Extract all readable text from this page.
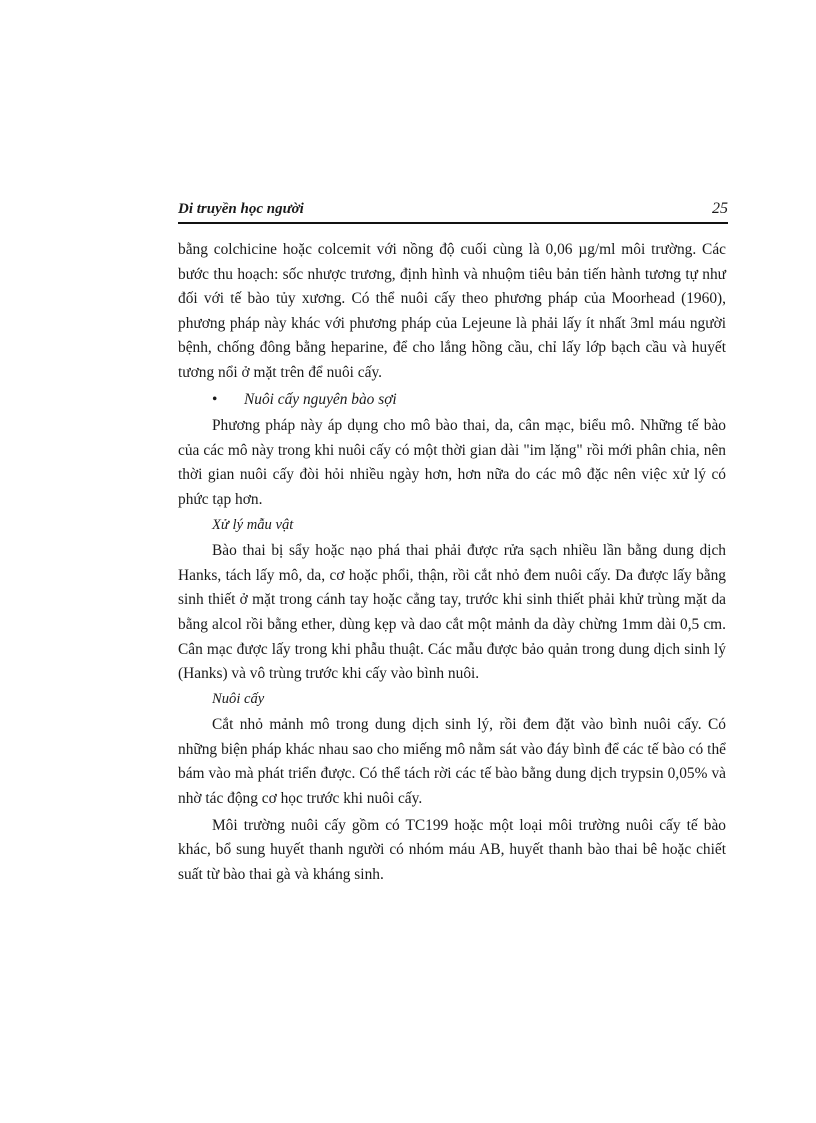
Di truyền học người	25

bằng colchicine hoặc colcemit với nồng độ cuối cùng là 0,06 µg/ml môi trường. Các bước thu hoạch: sốc nhược trương, định hình và nhuộm tiêu bản tiến hành tương tự như đối với tế bào tủy xương. Có thể nuôi cấy theo phương pháp của Moorhead (1960), phương pháp này khác với phương pháp của Lejeune là phải lấy ít nhất 3ml máu người bệnh, chống đông bằng heparine, để cho lắng hồng cầu, chỉ lấy lớp bạch cầu và huyết tương nổi ở mặt trên để nuôi cấy.

•	Nuôi cấy nguyên bào sợi

Phương pháp này áp dụng cho mô bào thai, da, cân mạc, biểu mô. Những tế bào của các mô này trong khi nuôi cấy có một thời gian dài "im lặng" rồi mới phân chia, nên thời gian nuôi cấy đòi hỏi nhiều ngày hơn, hơn nữa do các mô đặc nên việc xử lý có phức tạp hơn.

Xử lý mẫu vật

Bào thai bị sẩy hoặc nạo phá thai phải được rửa sạch nhiều lần bằng dung dịch Hanks, tách lấy mô, da, cơ hoặc phổi, thận, rồi cắt nhỏ đem nuôi cấy. Da được lấy bằng sinh thiết ở mặt trong cánh tay hoặc cẳng tay, trước khi sinh thiết phải khử trùng mặt da bằng alcol rồi bằng ether, dùng kẹp và dao cắt một mảnh da dày chừng 1mm dài 0,5 cm. Cân mạc được lấy trong khi phẫu thuật. Các mẫu được bảo quản trong dung dịch sinh lý (Hanks) và vô trùng trước khi cấy vào bình nuôi.

Nuôi cấy

Cắt nhỏ mảnh mô trong dung dịch sinh lý, rồi đem đặt vào bình nuôi cấy. Có những biện pháp khác nhau sao cho miếng mô nằm sát vào đáy bình để các tế bào có thể bám vào mà phát triển được. Có thể tách rời các tế bào bằng dung dịch trypsin 0,05% và nhờ tác động cơ học trước khi nuôi cấy.

Môi trường nuôi cấy gồm có TC199 hoặc một loại môi trường nuôi cấy tế bào khác, bổ sung huyết thanh người có nhóm máu AB, huyết thanh bào thai bê hoặc chiết suất từ bào thai gà và kháng sinh.
